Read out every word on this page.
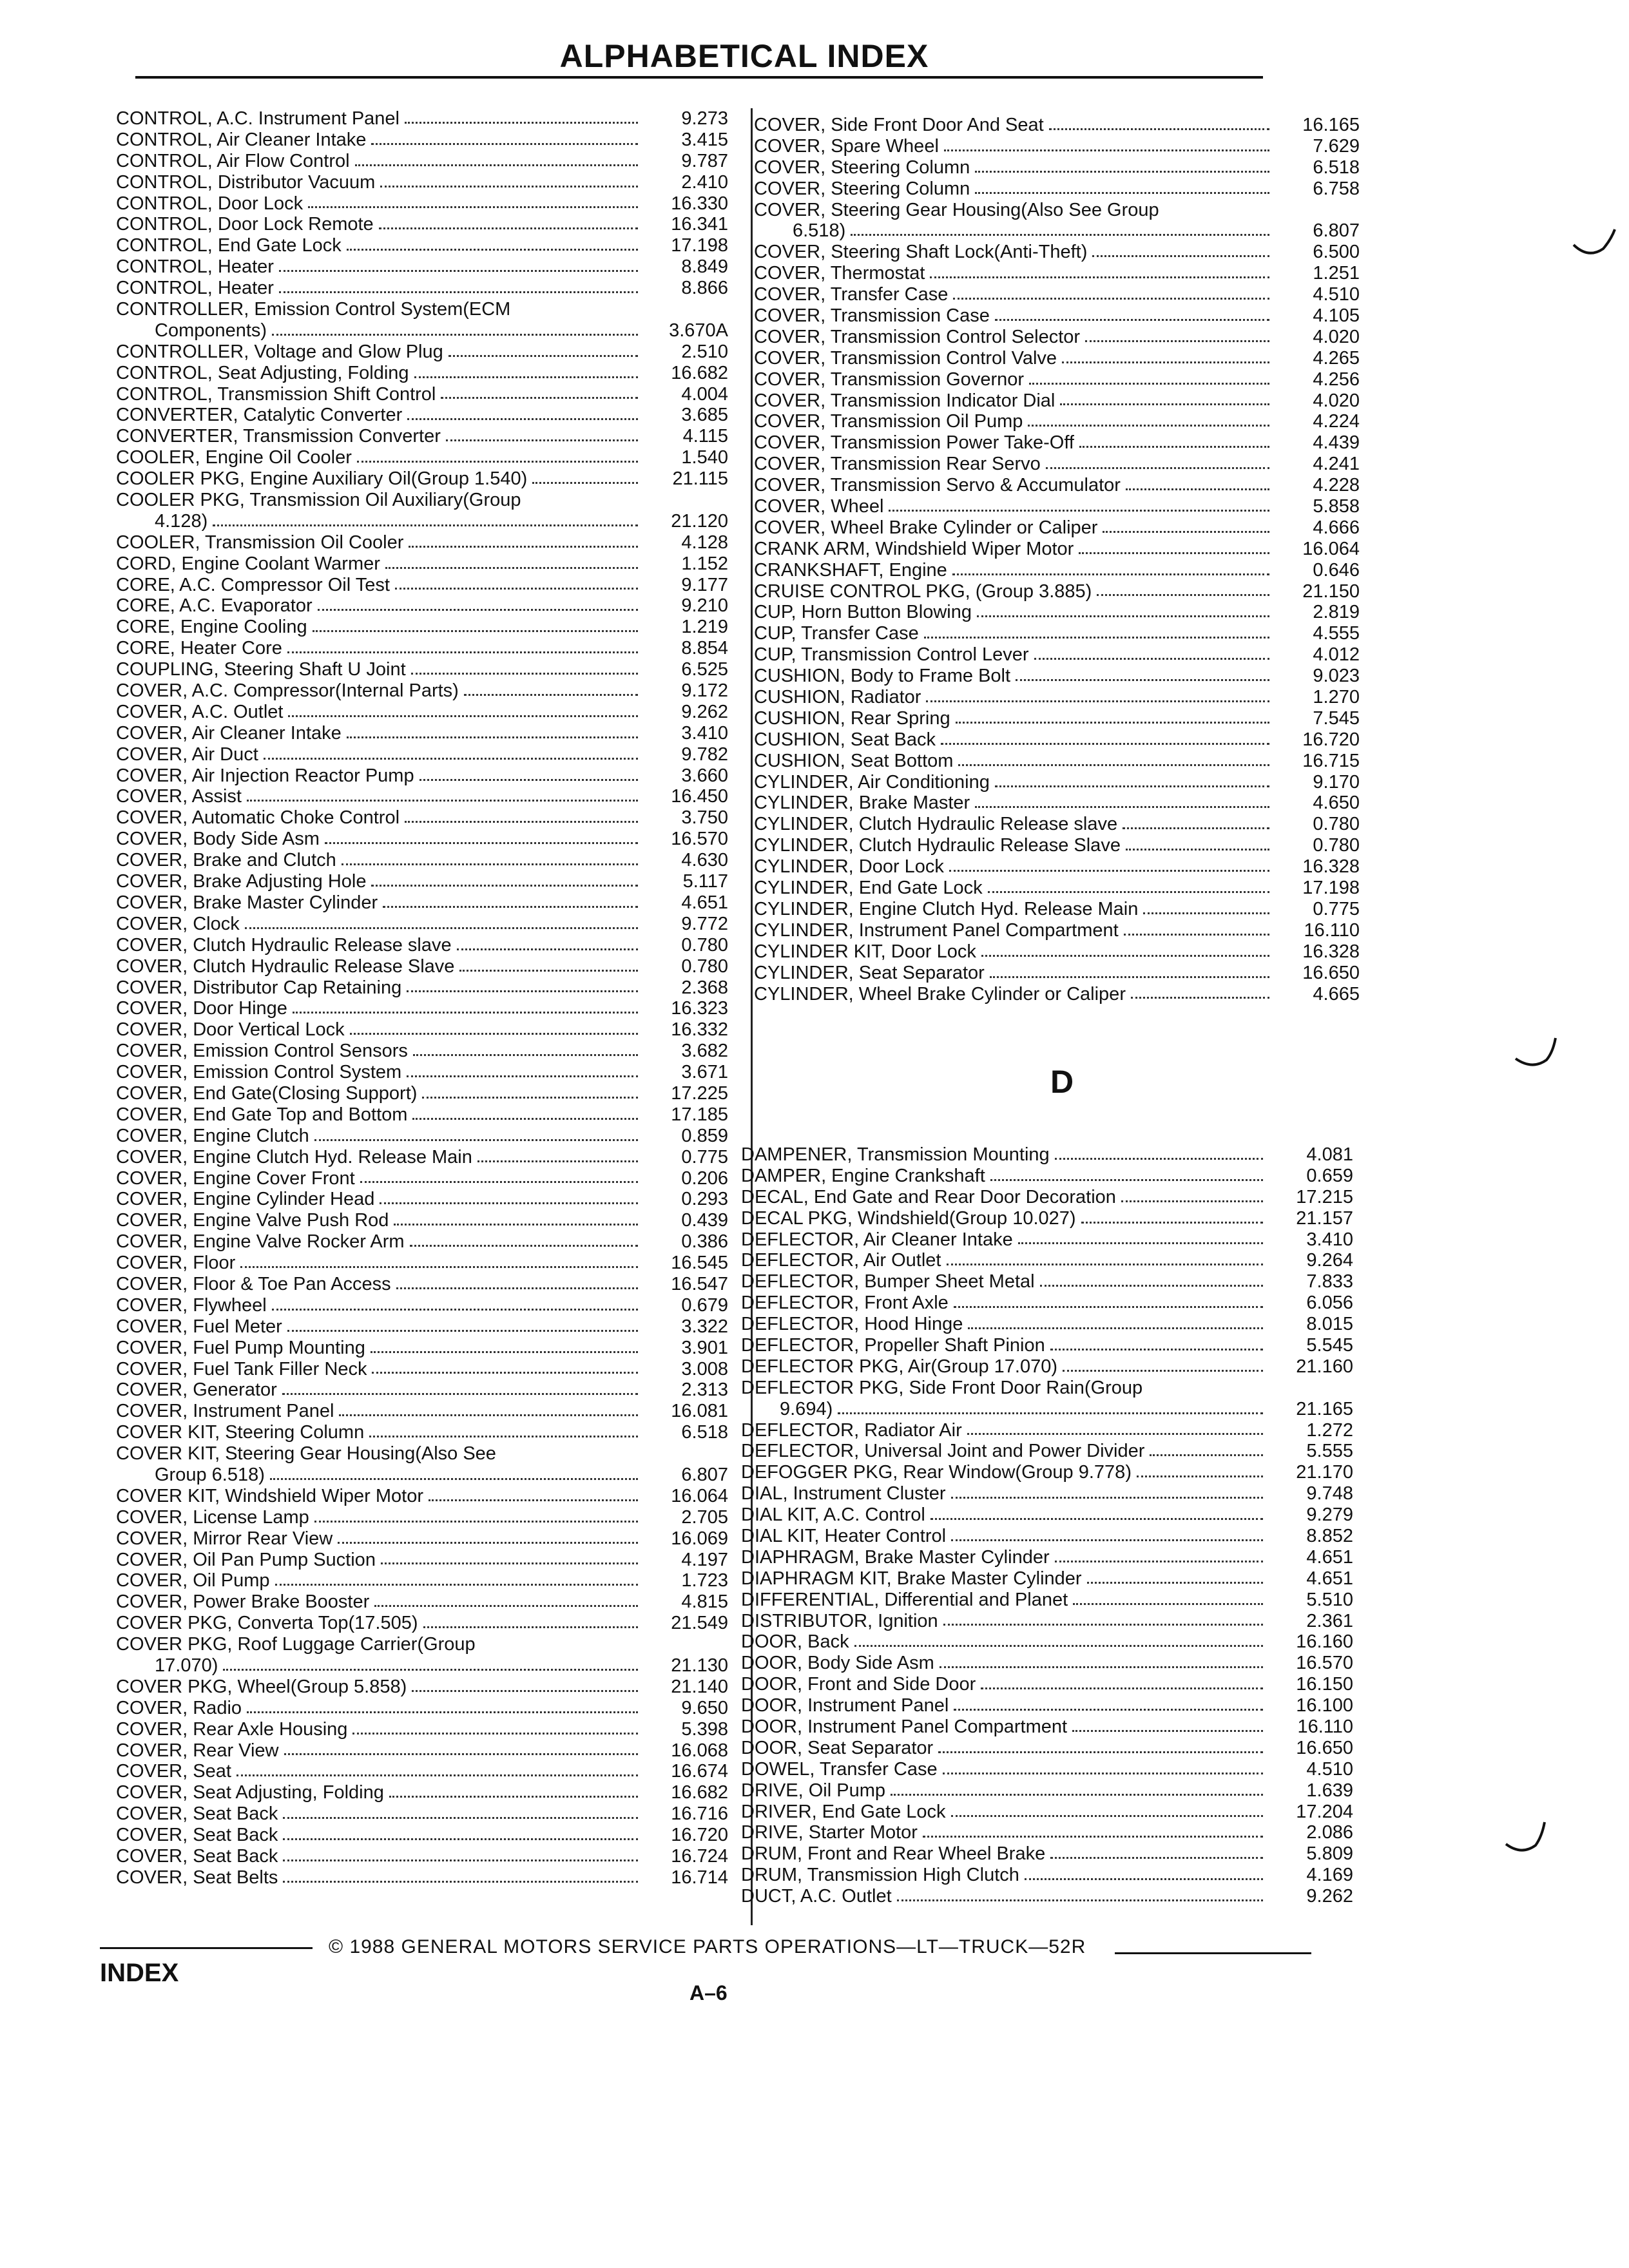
ALPHABETICAL INDEX
CONTROL, A.C. Instrument Panel	9.273
CONTROL, Air Cleaner Intake	3.415
CONTROL, Air Flow Control	9.787
CONTROL, Distributor Vacuum	2.410
CONTROL, Door Lock	16.330
CONTROL, Door Lock Remote	16.341
CONTROL, End Gate Lock	17.198
CONTROL, Heater	8.849
CONTROL, Heater	8.866
CONTROLLER, Emission Control System(ECM
Components)	3.670A
CONTROLLER, Voltage and Glow Plug	2.510
CONTROL, Seat Adjusting, Folding	16.682
CONTROL, Transmission Shift Control	4.004
CONVERTER, Catalytic Converter	3.685
CONVERTER, Transmission Converter	4.115
COOLER, Engine Oil Cooler	1.540
COOLER PKG, Engine Auxiliary Oil(Group 1.540)	21.115
COOLER PKG, Transmission Oil Auxiliary(Group
4.128)	21.120
COOLER, Transmission Oil Cooler	4.128
CORD, Engine Coolant Warmer	1.152
CORE, A.C. Compressor Oil Test	9.177
CORE, A.C. Evaporator	9.210
CORE, Engine Cooling	1.219
CORE, Heater Core	8.854
COUPLING, Steering Shaft U Joint	6.525
COVER, A.C. Compressor(Internal Parts)	9.172
COVER, A.C. Outlet	9.262
COVER, Air Cleaner Intake	3.410
COVER, Air Duct	9.782
COVER, Air Injection Reactor Pump	3.660
COVER, Assist	16.450
COVER, Automatic Choke Control	3.750
COVER, Body Side Asm	16.570
COVER, Brake and Clutch	4.630
COVER, Brake Adjusting Hole	5.117
COVER, Brake Master Cylinder	4.651
COVER, Clock	9.772
COVER, Clutch Hydraulic Release slave	0.780
COVER, Clutch Hydraulic Release Slave	0.780
COVER, Distributor Cap Retaining	2.368
COVER, Door Hinge	16.323
COVER, Door Vertical Lock	16.332
COVER, Emission Control Sensors	3.682
COVER, Emission Control System	3.671
COVER, End Gate(Closing Support)	17.225
COVER, End Gate Top and Bottom	17.185
COVER, Engine Clutch	0.859
COVER, Engine Clutch Hyd. Release Main	0.775
COVER, Engine Cover Front	0.206
COVER, Engine Cylinder Head	0.293
COVER, Engine Valve Push Rod	0.439
COVER, Engine Valve Rocker Arm	0.386
COVER, Floor	16.545
COVER, Floor & Toe Pan Access	16.547
COVER, Flywheel	0.679
COVER, Fuel Meter	3.322
COVER, Fuel Pump Mounting	3.901
COVER, Fuel Tank Filler Neck	3.008
COVER, Generator	2.313
COVER, Instrument Panel	16.081
COVER KIT, Steering Column	6.518
COVER KIT, Steering Gear Housing(Also See
Group 6.518)	6.807
COVER KIT, Windshield Wiper Motor	16.064
COVER, License Lamp	2.705
COVER, Mirror Rear View	16.069
COVER, Oil Pan Pump Suction	4.197
COVER, Oil Pump	1.723
COVER, Power Brake Booster	4.815
COVER PKG, Converta Top(17.505)	21.549
COVER PKG, Roof Luggage Carrier(Group
17.070)	21.130
COVER PKG, Wheel(Group 5.858)	21.140
COVER, Radio	9.650
COVER, Rear Axle Housing	5.398
COVER, Rear View	16.068
COVER, Seat	16.674
COVER, Seat Adjusting, Folding	16.682
COVER, Seat Back	16.716
COVER, Seat Back	16.720
COVER, Seat Back	16.724
COVER, Seat Belts	16.714
COVER, Side Front Door And Seat	16.165
COVER, Spare Wheel	7.629
COVER, Steering Column	6.518
COVER, Steering Column	6.758
COVER, Steering Gear Housing(Also See Group
6.518)	6.807
COVER, Steering Shaft Lock(Anti-Theft)	6.500
COVER, Thermostat	1.251
COVER, Transfer Case	4.510
COVER, Transmission Case	4.105
COVER, Transmission Control Selector	4.020
COVER, Transmission Control Valve	4.265
COVER, Transmission Governor	4.256
COVER, Transmission Indicator Dial	4.020
COVER, Transmission Oil Pump	4.224
COVER, Transmission Power Take-Off	4.439
COVER, Transmission Rear Servo	4.241
COVER, Transmission Servo & Accumulator	4.228
COVER, Wheel	5.858
COVER, Wheel Brake Cylinder or Caliper	4.666
CRANK ARM, Windshield Wiper Motor	16.064
CRANKSHAFT, Engine	0.646
CRUISE CONTROL PKG, (Group 3.885)	21.150
CUP, Horn Button Blowing	2.819
CUP, Transfer Case	4.555
CUP, Transmission Control Lever	4.012
CUSHION, Body to Frame Bolt	9.023
CUSHION, Radiator	1.270
CUSHION, Rear Spring	7.545
CUSHION, Seat Back	16.720
CUSHION, Seat Bottom	16.715
CYLINDER, Air Conditioning	9.170
CYLINDER, Brake Master	4.650
CYLINDER, Clutch Hydraulic Release slave	0.780
CYLINDER, Clutch Hydraulic Release Slave	0.780
CYLINDER, Door Lock	16.328
CYLINDER, End Gate Lock	17.198
CYLINDER, Engine Clutch Hyd. Release Main	0.775
CYLINDER, Instrument Panel Compartment	16.110
CYLINDER KIT, Door Lock	16.328
CYLINDER, Seat Separator	16.650
CYLINDER, Wheel Brake Cylinder or Caliper	4.665
D
DAMPENER, Transmission Mounting	4.081
DAMPER, Engine Crankshaft	0.659
DECAL, End Gate and Rear Door Decoration	17.215
DECAL PKG, Windshield(Group 10.027)	21.157
DEFLECTOR, Air Cleaner Intake	3.410
DEFLECTOR, Air Outlet	9.264
DEFLECTOR, Bumper Sheet Metal	7.833
DEFLECTOR, Front Axle	6.056
DEFLECTOR, Hood Hinge	8.015
DEFLECTOR, Propeller Shaft Pinion	5.545
DEFLECTOR PKG, Air(Group 17.070)	21.160
DEFLECTOR PKG, Side Front Door Rain(Group
9.694)	21.165
DEFLECTOR, Radiator Air	1.272
DEFLECTOR, Universal Joint and Power Divider	5.555
DEFOGGER PKG, Rear Window(Group 9.778)	21.170
DIAL, Instrument Cluster	9.748
DIAL KIT, A.C. Control	9.279
DIAL KIT, Heater Control	8.852
DIAPHRAGM, Brake Master Cylinder	4.651
DIAPHRAGM KIT, Brake Master Cylinder	4.651
DIFFERENTIAL, Differential and Planet	5.510
DISTRIBUTOR, Ignition	2.361
DOOR, Back	16.160
DOOR, Body Side Asm	16.570
DOOR, Front and Side Door	16.150
DOOR, Instrument Panel	16.100
DOOR, Instrument Panel Compartment	16.110
DOOR, Seat Separator	16.650
DOWEL, Transfer Case	4.510
DRIVE, Oil Pump	1.639
DRIVER, End Gate Lock	17.204
DRIVE, Starter Motor	2.086
DRUM, Front and Rear Wheel Brake	5.809
DRUM, Transmission High Clutch	4.169
DUCT, A.C. Outlet	9.262
© 1988 GENERAL MOTORS SERVICE PARTS OPERATIONS—LT—TRUCK—52R
INDEX
A–6
